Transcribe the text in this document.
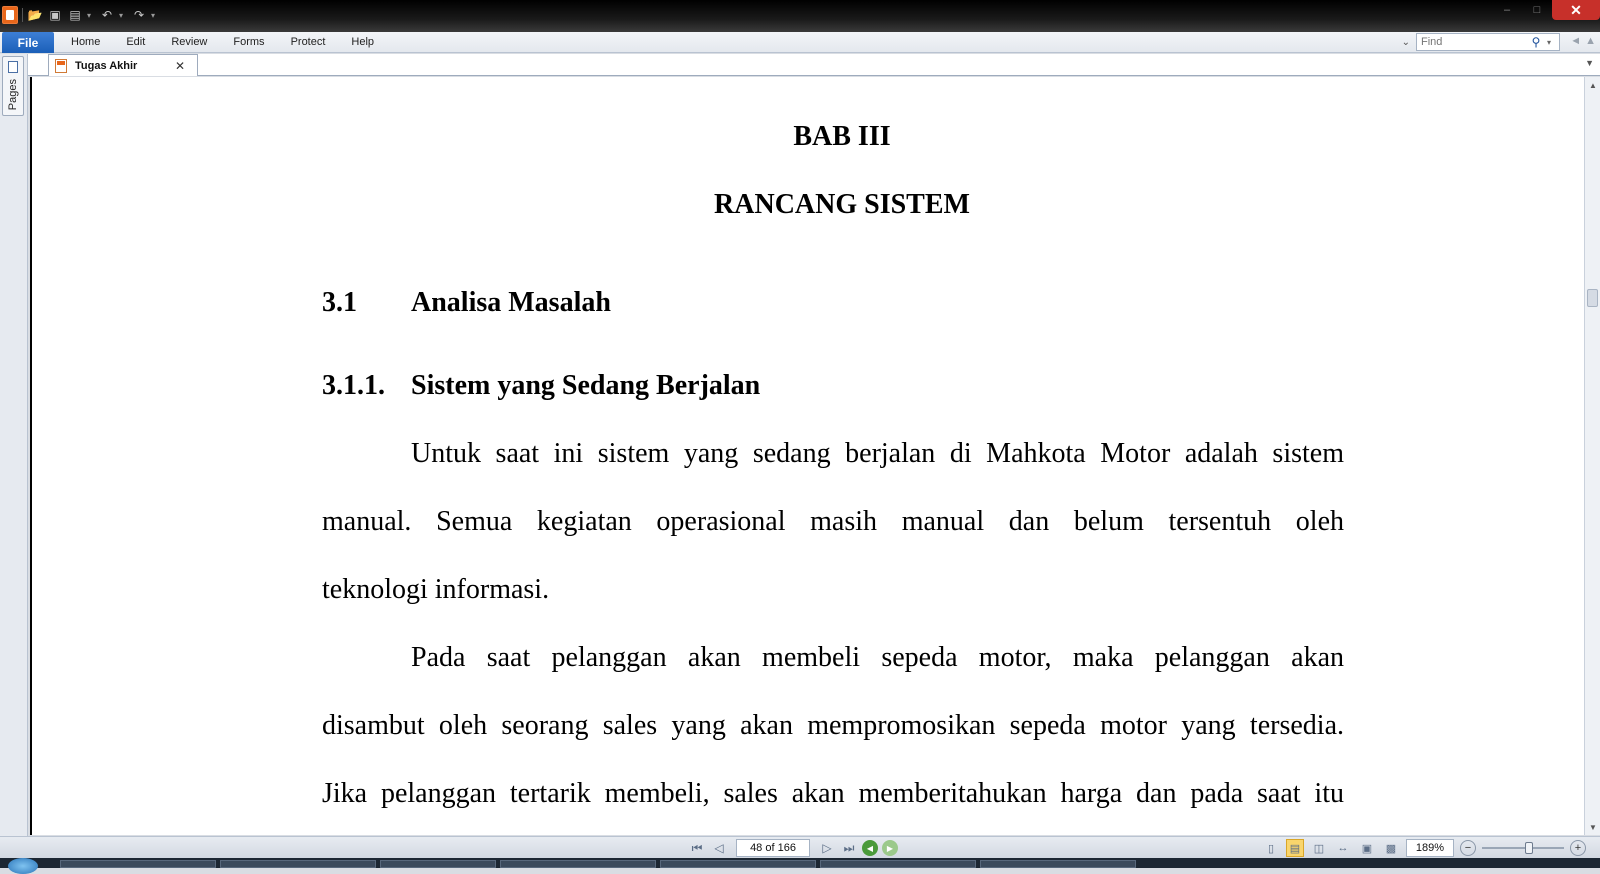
📂 ▣ ▤ ▾ ↶ ▾ ↷ ▾	–	□	✕
File	Home	Edit	Review	Forms	Protect	Help	⌄
Find	⚲ ▾	◄ ▲
Pages
Tugas Akhir	✕	▼
BAB III
RANCANG SISTEM
3.1	Analisa Masalah
3.1.1. Sistem yang Sedang Berjalan
Untuk saat ini sistem yang sedang berjalan di Mahkota Motor adalah sistem
manual. Semua kegiatan operasional masih manual dan belum tersentuh oleh
teknologi informasi.
Pada saat pelanggan akan membeli sepeda motor, maka pelanggan akan
disambut oleh seorang sales yang akan mempromosikan sepeda motor yang tersedia.
Jika pelanggan tertarik membeli, sales akan memberitahukan harga dan pada saat itu
▲
▼
⏮ ◁	48 of 166	▷ ⏭	◀	▶	▯	▤	◫	↔	▣	▩	189%	−	+
